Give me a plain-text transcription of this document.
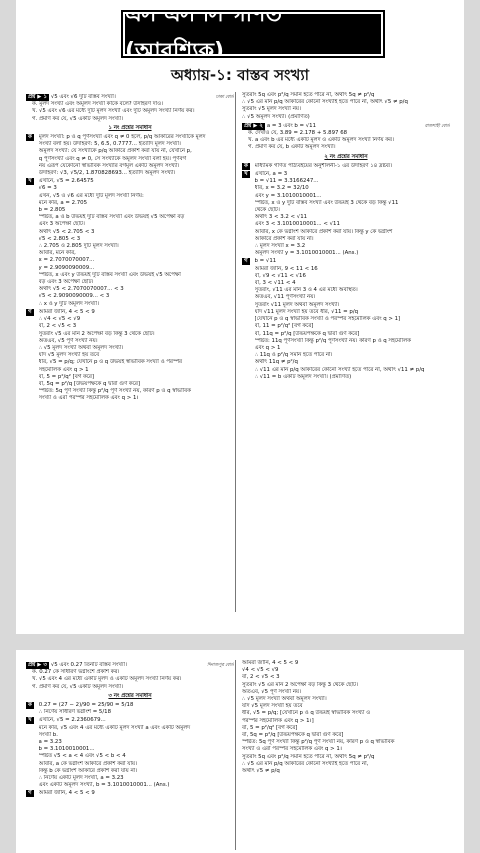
এস এস সি গণিত (আবশ্যিক)
অধ্যায়-১: বাস্তব সংখ্যা
প্রশ্ন ▶ ১ √5 এবং √6 দুটি বাস্তব সংখ্যা।	ঢাকা বোর্ড
ক. মূলদ সংখ্যা এবং অমূলদ সংখ্যা কাকে বলে? উদাহরণ দাও।
খ. √5 এবং √6 এর মধ্যে দুটি মূলদ সংখ্যা এবং দুটি অমূলদ সংখ্যা নির্ণয় কর।
গ. প্রমাণ কর যে, √5 একটি অমূলদ সংখ্যা।
১ নং প্রশ্নের সমাধান
ক	মূলদ সংখ্যা: p ও q পূর্ণসংখ্যা এবং q ≠ 0 হলে, p/q আকারের সংখ্যাকে মূলদ
সংখ্যা বলা হয়। উদাহরণ: 5, 6.5, 0.7777... ইত্যাদি মূলদ সংখ্যা।
অমূলদ সংখ্যা: যে সংখ্যাকে p/q আকারে প্রকাশ করা যায় না, যেখানে p,
q পূর্ণসংখ্যা এবং q ≠ 0, সে সংখ্যাকে অমূলদ সংখ্যা বলা হয়। পূর্ণবর্গ
নয় এরূপ যেকোনো স্বাভাবিক সংখ্যার বর্গমূল একটি অমূলদ সংখ্যা।
উদাহরণ: √3, √5/2, 1.870828693... ইত্যাদি অমূলদ সংখ্যা।
খ	এখানে, √5 = 2.64575
√6 = 3
এখন, √5 ও √6 এর মধ্যে দুটি মূলদ সংখ্যা নির্ণয়:
মনে করি, a = 2.705
b = 2.805
স্পষ্টত, a ও b উভয়ই দুটি বাস্তব সংখ্যা এবং উভয়ই √5 অপেক্ষা বড়
এবং 3 অপেক্ষা ছোট।
অর্থাৎ √5 < 2.705 < 3
√5 < 2.805 < 3
∴ 2.705 ও 2.805 দুটি মূলদ সংখ্যা।
আবার, মনে করি,
x = 2.7070070007...
y = 2.9090090009...
স্পষ্টত, x এবং y উভয়ই দুটি বাস্তব সংখ্যা এবং উভয়ই √5 অপেক্ষা
বড় এবং 3 অপেক্ষা ছোট।
অর্থাৎ √5 < 2.7070070007... < 3
√5 < 2.9090090009... < 3
∴ x ও y দুটি অমূলদ সংখ্যা।
গ	আমরা জানি, 4 < 5 < 9
∴ √4 < √5 < √9
বা, 2 < √5 < 3
সুতরাং √5 এর মান 2 অপেক্ষা বড় কিন্তু 3 থেকে ছোট।
অতএব, √5 পূর্ণ সংখ্যা নয়।
∴ √5 মূলদ সংখ্যা অথবা অমূলদ সংখ্যা।
যদি √5 মূলদ সংখ্যা হয় তবে
ধরি, √5 = p/q; যেখানে p ও q উভয়ই স্বাভাবিক সংখ্যা ও পরস্পর
সহমৌলিক এবং q > 1
বা, 5 = p²/q² [বর্গ করে]
বা, 5q = p²/q [উভয়পক্ষকে q দ্বারা গুণ করে]
স্পষ্টত: 5q পূর্ণ সংখ্যা কিন্তু p²/q পূর্ণ সংখ্যা নয়, কারণ p ও q স্বাভাবিক
সংখ্যা ও এরা পরস্পর সহমৌলিক এবং q > 1।
সুতরাং 5q এবং p²/q সমান হতে পারে না, অর্থাৎ 5q ≠ p²/q
∴ √5 এর মান p/q আকারের কোনো সংখ্যাই হতে পারে না, অর্থাৎ √5 ≠ p/q
সুতরাং √5 মূলদ সংখ্যা নয়।
∴ √5 অমূলদ সংখ্যা। (প্রমাণিত)
প্রশ্ন ▶ ২ a = 3 এবং b = √11	রাজশাহী বোর্ড
ক. দেখাও যে, 3.89 = 2.178 + 5.897 68
খ. a এবং b এর মধ্যে একটি মূলদ ও একটি অমূলদ সংখ্যা নির্ণয় কর।
গ. প্রমাণ কর যে, b একটি অমূলদ সংখ্যা।
২ নং প্রশ্নের সমাধান
ক	মাধ্যমিক গণিত পাঠ্যবইয়ের অনুশীলনী-১ এর উদাহরণ ১৪ দ্রষ্টব্য।
খ	এখানে, a = 3
b = √11 = 3.3166247...
ধরি, x = 3.2 = 32/10
এবং y = 3.1010010001...
স্পষ্টত, x ও y দুটি বাস্তব সংখ্যা এবং উভয়ই 3 থেকে বড় কিন্তু √11
থেকে ছোট।
অর্থাৎ 3 < 3.2 < √11
এবং 3 < 3.1010010001... < √11
আবার, x কে ভগ্নাংশ আকারে প্রকাশ করা যায়। কিন্তু y কে ভগ্নাংশ
আকারে প্রকাশ করা যায় না।
∴ মূলদ সংখ্যা x = 3.2
অমূলদ সংখ্যা y = 3.1010010001... (Ans.)
গ	b = √11
আমরা জানি, 9 < 11 < 16
বা, √9 < √11 < √16
বা, 3 < √11 < 4
সুতরাং, √11 এর মান 3 ও 4 এর মধ্যে অবস্থিত।
অতএব, √11 পূর্ণসংখ্যা নয়।
সুতরাং √11 মূলদ অথবা অমূলদ সংখ্যা।
যদি √11 মূলদ সংখ্যা হয় তবে ধরি, √11 = p/q
[যেখানে p ও q স্বাভাবিক সংখ্যা ও পরস্পর সহমৌলিক এবং q > 1]
বা, 11 = p²/q² [বর্গ করে]
বা, 11q = p²/q [উভয়পক্ষকে q দ্বারা গুণ করে]
স্পষ্টত: 11q পূর্ণসংখ্যা কিন্তু p²/q পূর্ণসংখ্যা নয়। কারণ p ও q সহমৌলিক
এবং q > 1
∴ 11q ও p²/q সমান হতে পারে না।
অর্থাৎ 11q ≠ p²/q
∴ √11 এর মান p/q আকারের কোনো সংখ্যা হতে পারে না, অর্থাৎ √11 ≠ p/q
∴ √11 = b একটি অমূলদ সংখ্যা। (প্রমাণিত)
প্রশ্ন ▶ ৩ √5 এবং 0.27 তিনটি বাস্তব সংখ্যা।	দিনাজপুর বোর্ড
ক. 0.27 কে সাধারণ ভগ্নাংশে প্রকাশ কর।
খ. √5 এবং 4 এর মধ্যে একটি মূলদ ও একটি অমূলদ সংখ্যা নির্ণয় কর।
গ. প্রমাণ কর যে, √5 একটি অমূলদ সংখ্যা।
৩ নং প্রশ্নের সমাধান
ক	0.27 = (27 − 2)/90 = 25/90 = 5/18
∴ নির্ণেয় সাধারণ ভগ্নাংশ = 5/18
খ	এখানে, √5 = 2.2360679...
মনে করি, √5 এবং 4 এর মধ্যে একটি মূলদ সংখ্যা a এবং একটি অমূলদ
সংখ্যা b.
a = 3.23
b = 3.1010010001...
স্পষ্টত √5 < a < 4 এবং √5 < b < 4
আবার, a কে ভগ্নাংশ আকারে প্রকাশ করা যায়।
কিন্তু b কে ভগ্নাংশ আকারে প্রকাশ করা যায় না।
∴ নির্ণেয় একটি মূলদ সংখ্যা, a = 3.23
এবং একটি অমূলদ সংখ্যা, b = 3.1010010001... (Ans.)
গ	আমরা জানি, 4 < 5 < 9
আমরা জানি, 4 < 5 < 9
√4 < √5 < √9
বা, 2 < √5 < 3
সুতরাং √5 এর মান 2 অপেক্ষা বড় কিন্তু 3 থেকে ছোট।
অতএব, √5 পূর্ণ সংখ্যা নয়।
∴ √5 মূলদ সংখ্যা অথবা অমূলদ সংখ্যা।
যদি √5 মূলদ সংখ্যা হয় তবে
ধরি, √5 = p/q; [যেখানে p ও q উভয়ই স্বাভাবিক সংখ্যা ও
পরস্পর সহমৌলিক এবং q > 1।]
বা, 5 = p²/q² [বর্গ করে]
বা, 5q = p²/q [উভয়পক্ষকে q দ্বারা গুণ করে]
স্পষ্টত: 5q পূর্ণ সংখ্যা কিন্তু p²/q পূর্ণ সংখ্যা নয়, কারণ p ও q স্বাভাবিক
সংখ্যা ও এরা পরস্পর সহমৌলিক এবং q > 1।
সুতরাং 5q এবং p²/q সমান হতে পারে না, অর্থাৎ 5q ≠ p²/q
∴ √5 এর মান p/q আকারের কোনো সংখ্যাই হতে পারে না,
অর্থাৎ √5 ≠ p/q
